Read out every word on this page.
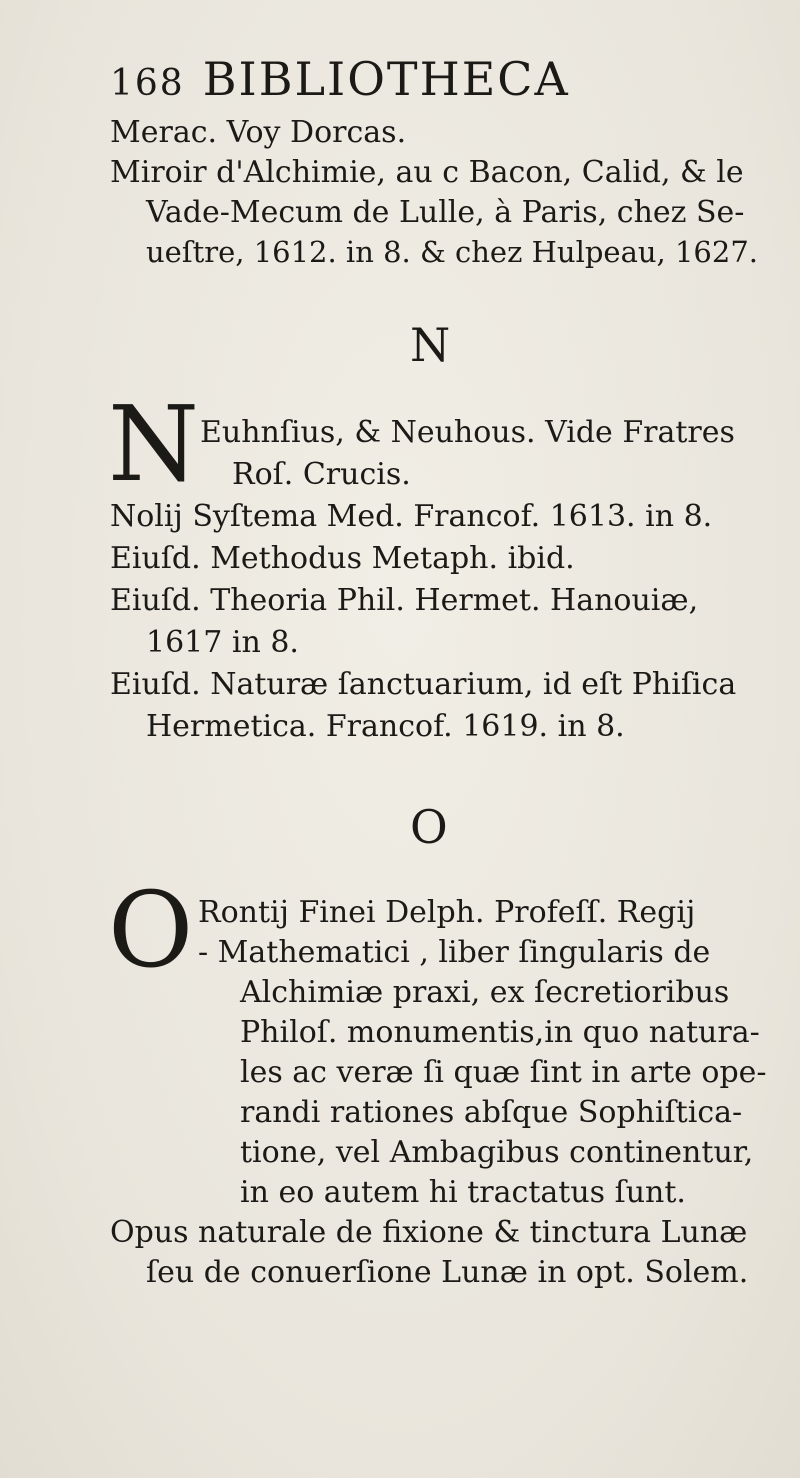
168 BIBLIOTHECA
Merac. Voy Dorcas.
Miroir d'Alchimie, au c Bacon, Calid, & le
Vade-Mecum de Lulle, à Paris, chez Se-
ueſtre, 1612. in 8. & chez Hulpeau, 1627.
N
N Euhnſius, & Neuhous. Vide Fratres
Roſ. Crucis.
Nolij Syſtema Med. Francof. 1613. in 8.
Eiuſd. Methodus Metaph. ibid.
Eiuſd. Theoria Phil. Hermet. Hanouiæ,
1617 in 8.
Eiuſd. Naturæ ſanctuarium, id eſt Phiſica
Hermetica. Francof. 1619. in 8.
O
O Rontij Finei Delph. Profeſſ. Regij
- Mathematici , liber ſingularis de
Alchimiæ praxi, ex ſecretioribus
Philoſ. monumentis,in quo natura-
les ac veræ ſi quæ ſint in arte ope-
randi rationes abſque Sophiſtica-
tione, vel Ambagibus continentur,
in eo autem hi tractatus ſunt.
Opus naturale de fixione & tinctura Lunæ
ſeu de conuerſione Lunæ in opt. Solem.
